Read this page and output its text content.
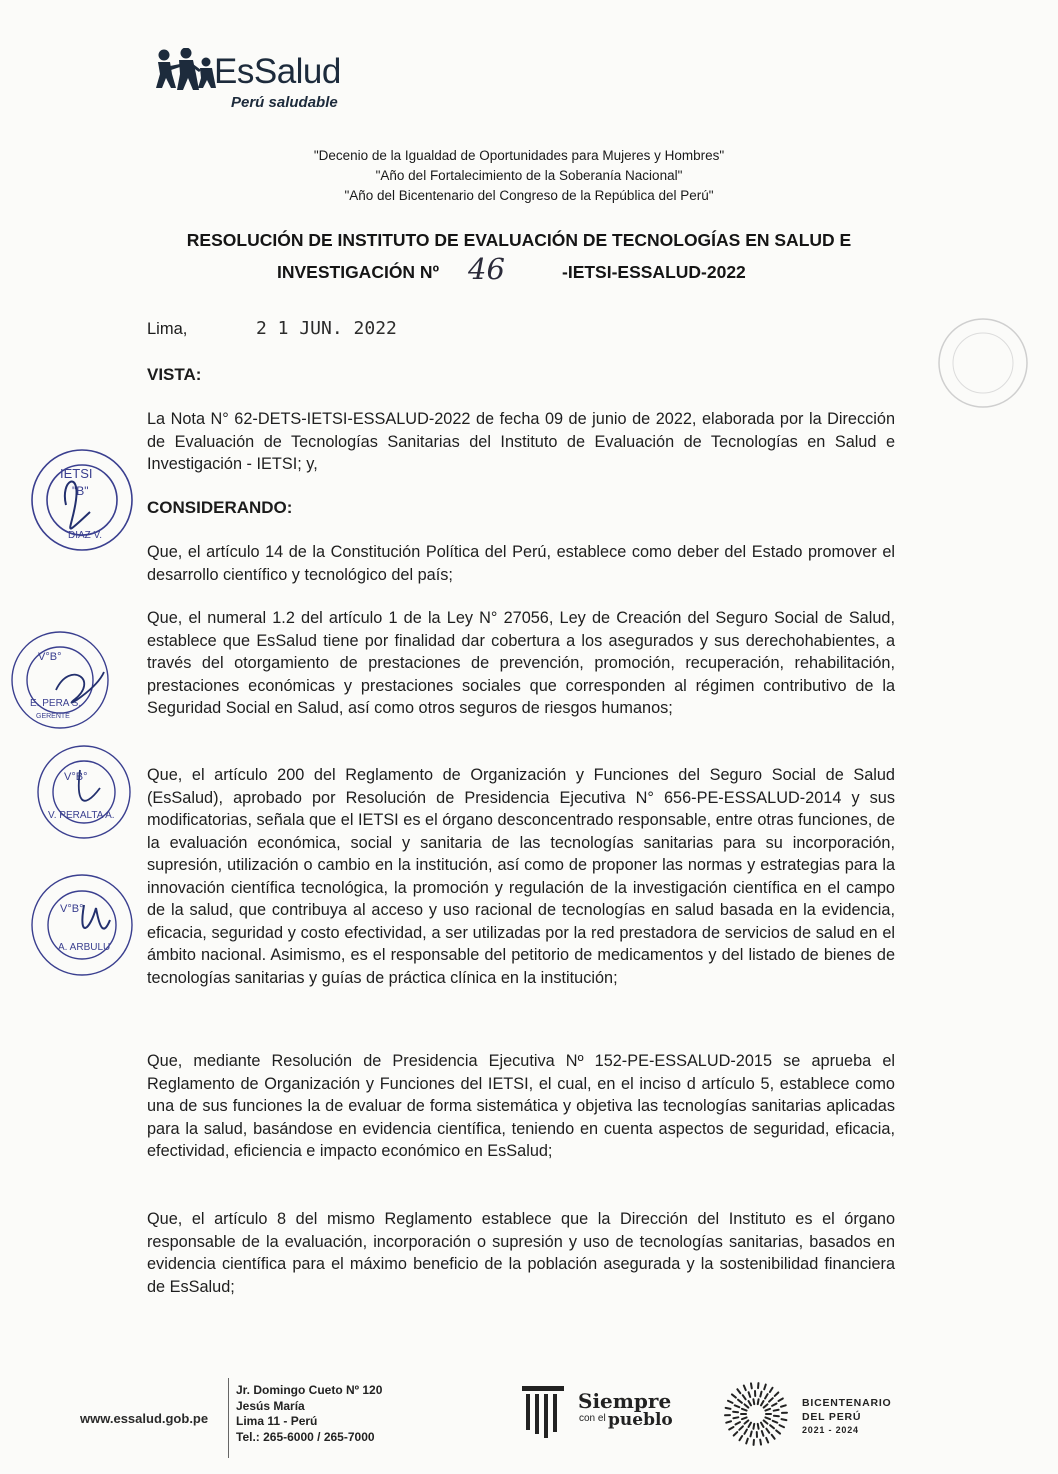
EsSalud
Perú saludable
"Decenio de la Igualdad de Oportunidades para Mujeres y Hombres"
"Año del Fortalecimiento de la Soberanía Nacional"
"Año del Bicentenario del Congreso de la República del Perú"
RESOLUCIÓN DE INSTITUTO DE EVALUACIÓN DE TECNOLOGÍAS EN SALUD E
INVESTIGACIÓN Nº 46	-IETSI-ESSALUD-2022
Lima,	2 1 JUN. 2022
VISTA:
La Nota N° 62-DETS-IETSI-ESSALUD-2022 de fecha 09 de junio de 2022, elaborada por la Dirección de Evaluación de Tecnologías Sanitarias del Instituto de Evaluación de Tecnologías en Salud e Investigación - IETSI; y,
CONSIDERANDO:
Que, el artículo 14 de la Constitución Política del Perú, establece como deber del Estado promover el desarrollo científico y tecnológico del país;
Que, el numeral 1.2 del artículo 1 de la Ley N° 27056, Ley de Creación del Seguro Social de Salud, establece que EsSalud tiene por finalidad dar cobertura a los asegurados y sus derechohabientes, a través del otorgamiento de prestaciones de prevención, promoción, recuperación, rehabilitación, prestaciones económicas y prestaciones sociales que corresponden al régimen contributivo de la Seguridad Social en Salud, así como otros seguros de riesgos humanos;
Que, el artículo 200 del Reglamento de Organización y Funciones del Seguro Social de Salud (EsSalud), aprobado por Resolución de Presidencia Ejecutiva N° 656-PE-ESSALUD-2014 y sus modificatorias, señala que el IETSI es el órgano desconcentrado responsable, entre otras funciones, de la evaluación económica, social y sanitaria de las tecnologías sanitarias para su incorporación, supresión, utilización o cambio en la institución, así como de proponer las normas y estrategias para la innovación científica tecnológica, la promoción y regulación de la investigación científica en el campo de la salud, que contribuya al acceso y uso racional de tecnologías en salud basada en la evidencia, eficacia, seguridad y costo efectividad, a ser utilizadas por la red prestadora de servicios de salud en el ámbito nacional. Asimismo, es el responsable del petitorio de medicamentos y del listado de bienes de tecnologías sanitarias y guías de práctica clínica en la institución;
Que, mediante Resolución de Presidencia Ejecutiva Nº 152-PE-ESSALUD-2015 se aprueba el Reglamento de Organización y Funciones del IETSI, el cual, en el inciso d artículo 5, establece como una de sus funciones la de evaluar de forma sistemática y objetiva las tecnologías sanitarias aplicadas para la salud, basándose en evidencia científica, teniendo en cuenta aspectos de seguridad, eficacia, efectividad, eficiencia e impacto económico en EsSalud;
Que, el artículo 8 del mismo Reglamento establece que la Dirección del Instituto es el órgano responsable de la evaluación, incorporación o supresión y uso de tecnologías sanitarias, basados en evidencia científica para el máximo beneficio de la población asegurada y la sostenibilidad financiera de EsSalud;
IETSI
"B"
DIAZ V.
V°B°
E. PERA S.
GERENTE
V°B°
V. PERALTA A.
V°B°
A. ARBULU
www.essalud.gob.pe
Jr. Domingo Cueto Nº 120
Jesús María
Lima 11 - Perú
Tel.: 265-6000 / 265-7000
Siempre
con el pueblo
BICENTENARIO
DEL PERÚ
2021 - 2024
